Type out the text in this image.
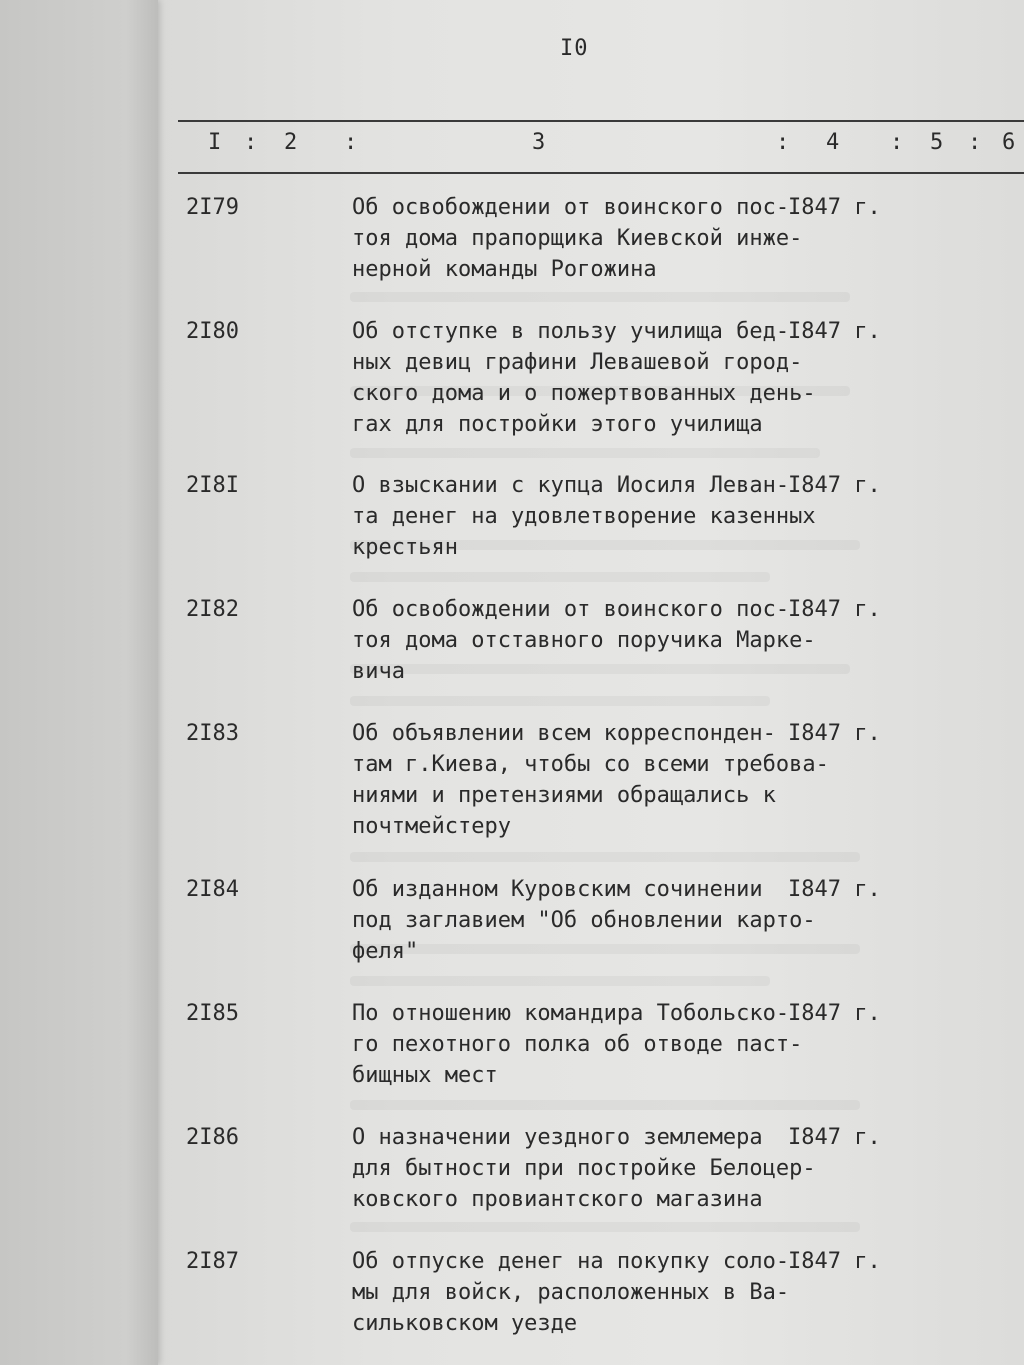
I0
I : 2 :	3	: 4 : 5 : 6
2I79	Об освобождении от воинского пос-
тоя дома прапорщика Киевской инже-
нерной команды Рогожина
I847 г.
2I80	Об отступке в пользу училища бед-
ных девиц графини Левашевой город-
ского дома и о пожертвованных день-
гах для постройки этого училища
I847 г.
2I8I	О взыскании с купца Иосиля Леван-
та денег на удовлетворение казенных
крестьян
I847 г.
2I82	Об освобождении от воинского пос-
тоя дома отставного поручика Марке-
вича
I847 г.
2I83	Об объявлении всем корреспонден-
там г.Киева, чтобы со всеми требова-
ниями и претензиями обращались к
почтмейстеру
I847 г.
2I84	Об изданном Куровским сочинении
под заглавием "Об обновлении карто-
феля"
I847 г.
2I85	По отношению командира Тобольско-
го пехотного полка об отводе паст-
бищных мест
I847 г.
2I86	О назначении уездного землемера
для бытности при постройке Белоцер-
ковского провиантского магазина
I847 г.
2I87	Об отпуске денег на покупку соло-
мы для войск, расположенных в Ва-
сильковском уезде
I847 г.
